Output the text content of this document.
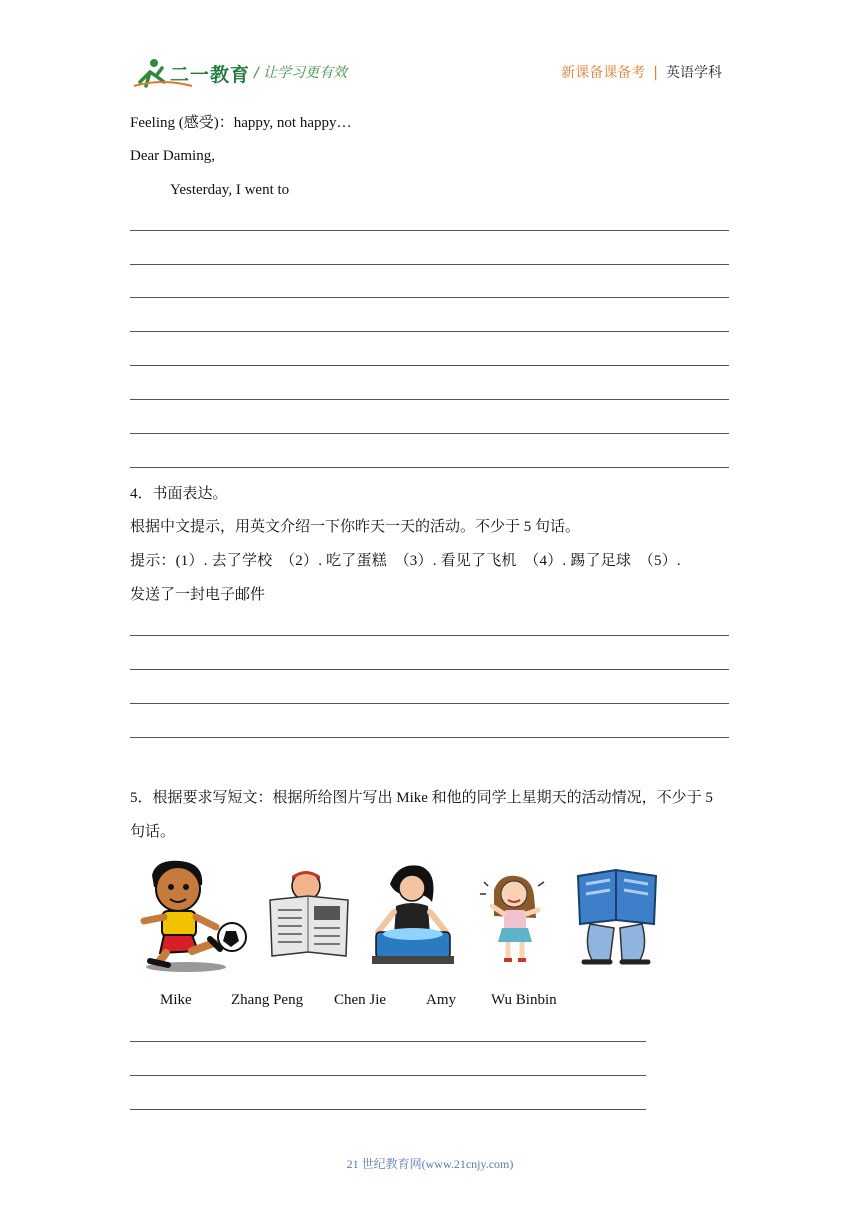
二一教育 / 让学习更有效	新课备课备考 | 英语学科
Feeling (感受)：happy, not happy…
Dear Daming,
Yesterday, I went to
4．书面表达。
根据中文提示，用英文介绍一下你昨天一天的活动。不少于 5 句话。
提示：(1）. 去了学校　（2）. 吃了蛋糕　（3）. 看见了飞机　（4）. 踢了足球　（5）.
发送了一封电子邮件
5．根据要求写短文：根据所给图片写出 Mike 和他的同学上星期天的活动情况，不少于 5
句话。
Mike	Zhang Peng Chen Jie	Amy Wu Binbin
21 世纪教育网(www.21cnjy.com)
